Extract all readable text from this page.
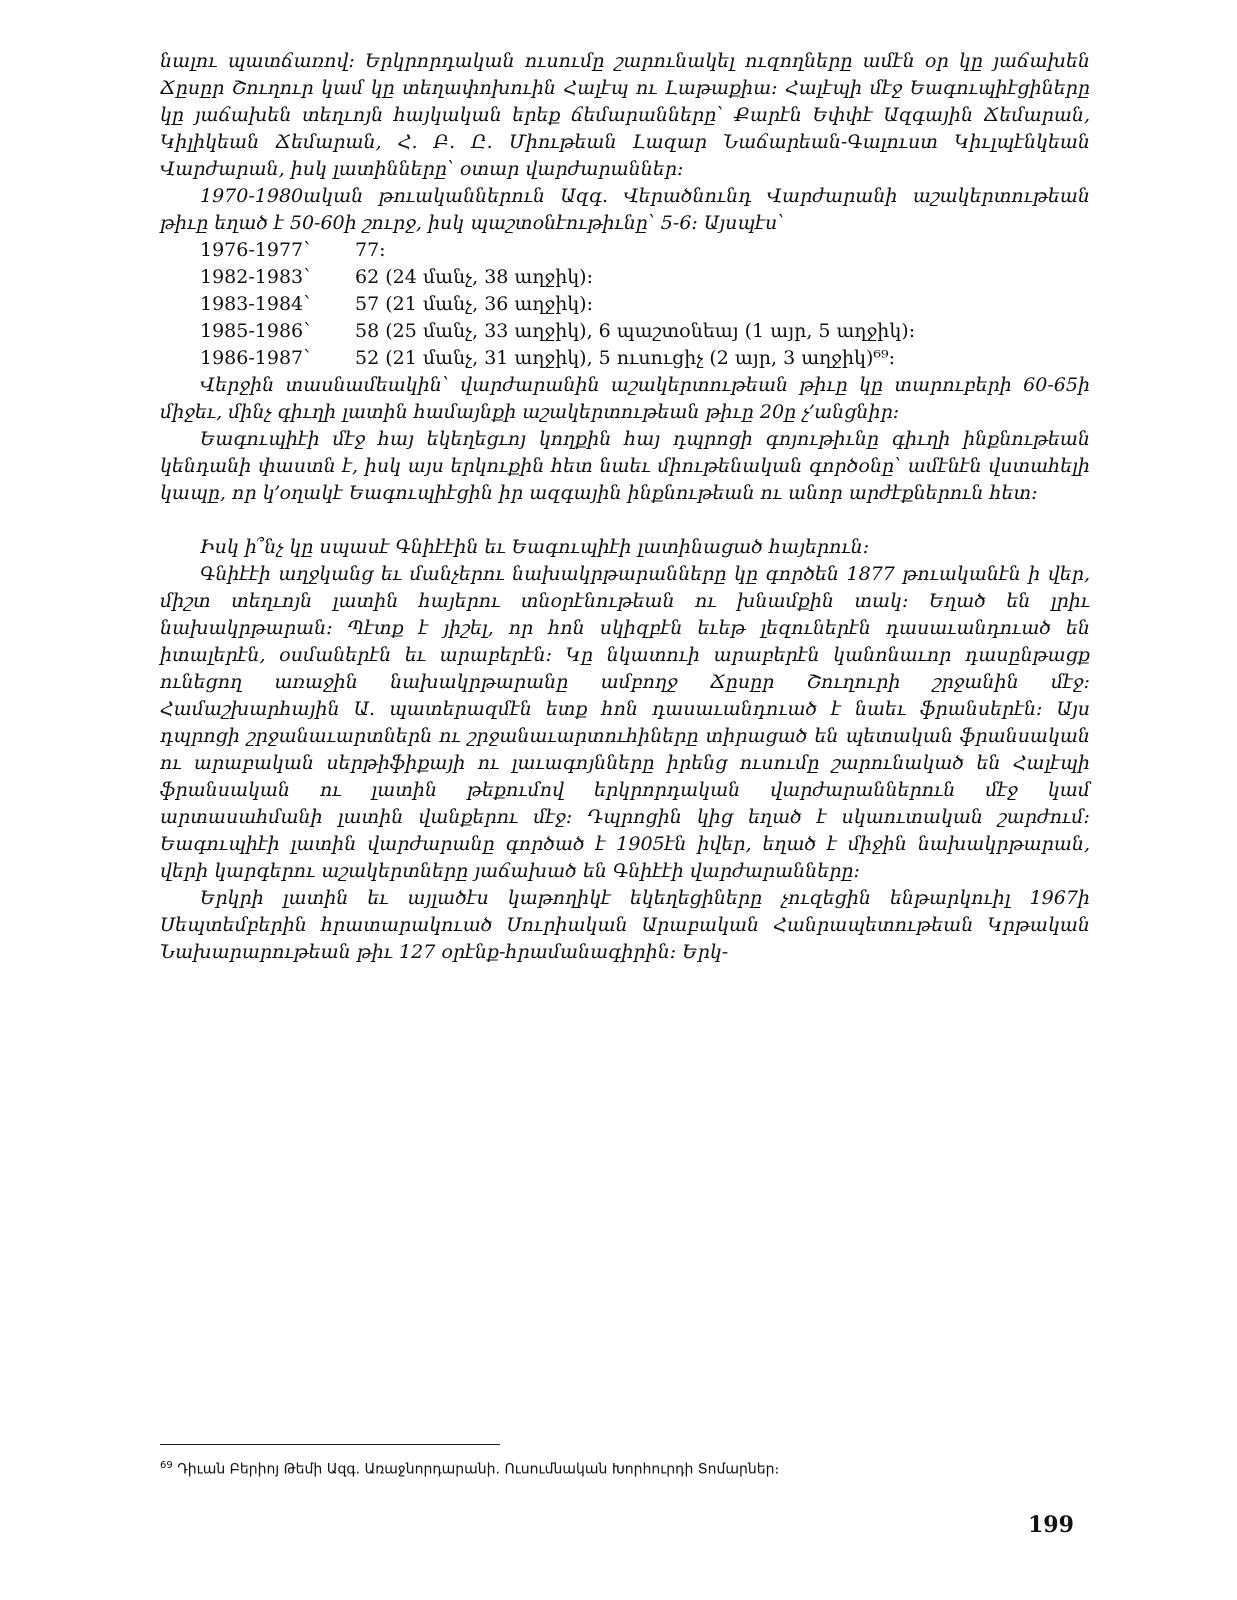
նալու պատճառով։ Երկրորդական ուսումը շարունակել ուզողները ամէն օր կը յաճախեն Ճըսըր Շուղուր կամ կը տեղափոխուին Հալէպ ու Լաթաքիա։ Հալէպի մէջ Եագուպիէցիները կը յաճախեն տեղւոյն հայկական երեք ճեմարանները՝ Քարէն Եփփէ Ազգային Ճեմարան, Կիլիկեան Ճեմարան, Հ. Բ. Ը. Միութեան Լազար Նաճարեան-Գալուստ Կիւլպէնկեան Վարժարան, իսկ լատինները՝ օտար վարժարաններ։

1970-1980ական թուականներուն Ազգ. Վերածնունդ Վարժարանի աշակերտութեան թիւը եղած է 50-60ի շուրջ, իսկ պաշտօնէութիւնը՝ 5-6։ Այսպէս՝

1976-1977՝	77։
1982-1983՝	62 (24 մանչ, 38 աղջիկ)։
1983-1984՝	57 (21 մանչ, 36 աղջիկ)։
1985-1986՝	58 (25 մանչ, 33 աղջիկ), 6 պաշտօնեայ (1 այր, 5 աղջիկ)։
1986-1987՝	52 (21 մանչ, 31 աղջիկ), 5 ուսուցիչ (2 այր, 3 աղջիկ)⁶⁹։

Վերջին տասնամեակին՝ վարժարանին աշակերտութեան թիւը կը տարուբերի 60-65ի միջեւ, մինչ գիւղի լատին համայնքի աշակերտութեան թիւը 20ը չ՚անցնիր։

Եագուպիէի մէջ հայ եկեղեցւոյ կողքին հայ դպրոցի գոյութիւնը գիւղի ինքնութեան կենդանի փաստն է, իսկ այս երկուքին հետ նաեւ միութենական գործօնը՝ ամէնէն վստահելի կապը, որ կ՚օղակէ Եագուպիէցին իր ազգային ինքնութեան ու անոր արժէքներուն հետ։

Իսկ ի՞նչ կը սպասէ Գնիէէին եւ Եագուպիէի լատինացած հայերուն։

Գնիէէի աղջկանց եւ մանչերու նախակրթարանները կը գործեն 1877 թուականէն ի վեր, միշտ տեղւոյն լատին հայերու տնօրէնութեան ու խնամքին տակ։ Եղած են լրիւ նախակրթարան։ Պէտք է յիշել, որ հոն սկիզբէն եւեթ լեզուներէն դասաւանդուած են իտալերէն, օսմաներէն եւ արաբերէն։ Կը նկատուի արաբերէն կանոնաւոր դասընթացք ունեցող առաջին նախակրթարանը ամբողջ Ճըսըր Շուղուրի շրջանին մէջ։ Համաշխարհային Ա. պատերազմէն ետք հոն դասաւանդուած է նաեւ ֆրանսերէն։ Այս դպրոցի շրջանաւարտներն ու շրջանաւարտուհիները տիրացած են պետական ֆրանսական ու արաբական սերթիֆիքայի ու լաւագոյնները իրենց ուսումը շարունակած են Հալէպի ֆրանսական ու լատին թեքումով երկրորդական վարժարաններուն մէջ կամ արտասահմանի լատին վանքերու մէջ։ Դպրոցին կից եղած է սկաուտական շարժում։ Եագուպիէի լատին վարժարանը գործած է 1905էն իվեր, եղած է միջին նախակրթարան, վերի կարգերու աշակերտները յաճախած են Գնիէէի վարժարանները։

Երկրի լատին եւ այլածէս կաթողիկէ եկեղեցիները չուզեցին ենթարկուիլ 1967ի Սեպտեմբերին հրատարակուած Սուրիական Արաբական Հանրապետութեան Կրթական Նախարարութեան թիւ 127 օրէնք-հրամանագիրին։ Երկ-

$^{69}$ Դիւան Բերիոյ Թեմի Ազգ. Առաջնորդարանի. Ուսումնական Խորհուրդի Տոմարներ։
199
